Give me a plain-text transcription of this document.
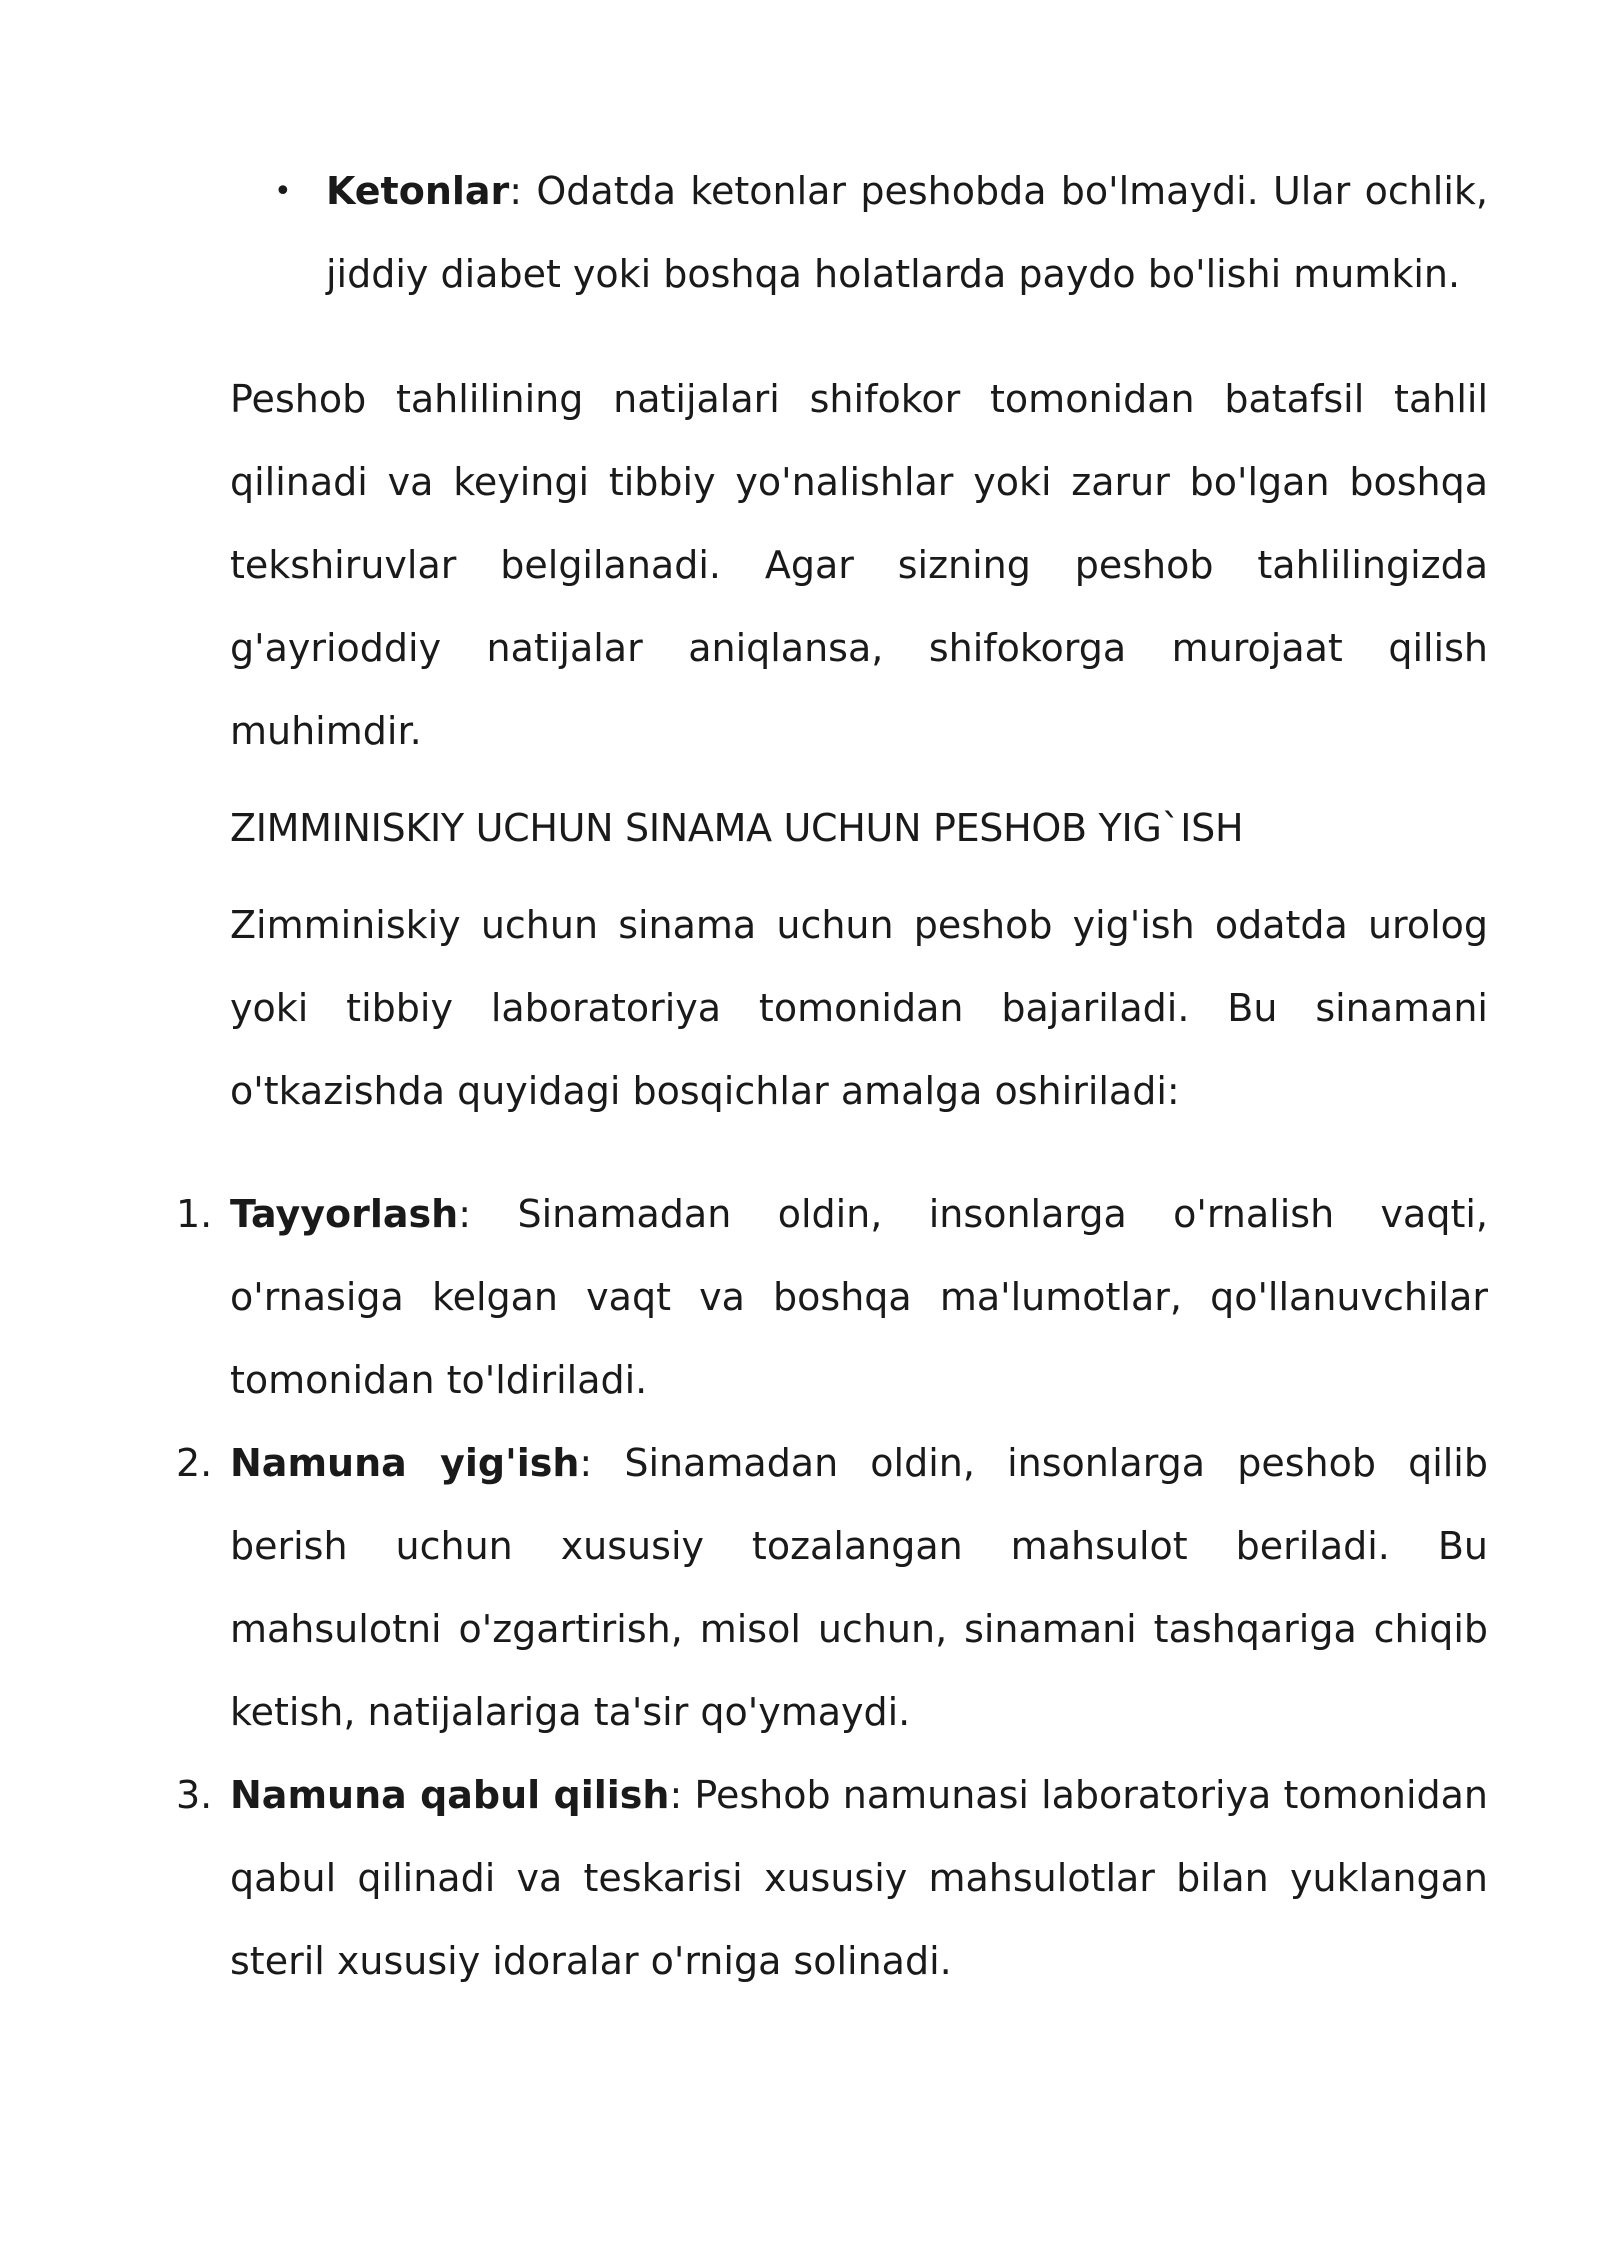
• Ketonlar: Odatda ketonlar peshobda bo'lmaydi. Ular ochlik, jiddiy diabet yoki boshqa holatlarda paydo bo'lishi mumkin.

Peshob tahlilining natijalari shifokor tomonidan batafsil tahlil qilinadi va keyingi tibbiy yo'nalishlar yoki zarur bo'lgan boshqa tekshiruvlar belgilanadi. Agar sizning peshob tahlilingizda g'ayrioddiy natijalar aniqlansa, shifokorga murojaat qilish muhimdir.

ZIMMINISKIY UCHUN SINAMA UCHUN PESHOB YIG`ISH

Zimminiskiy uchun sinama uchun peshob yig'ish odatda urolog yoki tibbiy laboratoriya tomonidan bajariladi. Bu sinamani o'tkazishda quyidagi bosqichlar amalga oshiriladi:

1. Tayyorlash: Sinamadan oldin, insonlarga o'rnalish vaqti, o'rnasiga kelgan vaqt va boshqa ma'lumotlar, qo'llanuvchilar tomonidan to'ldiriladi.
2. Namuna yig'ish: Sinamadan oldin, insonlarga peshob qilib berish uchun xususiy tozalangan mahsulot beriladi. Bu mahsulotni o'zgartirish, misol uchun, sinamani tashqariga chiqib ketish, natijalariga ta'sir qo'ymaydi.
3. Namuna qabul qilish: Peshob namunasi laboratoriya tomonidan qabul qilinadi va teskarisi xususiy mahsulotlar bilan yuklangan steril xususiy idoralar o'rniga solinadi.
